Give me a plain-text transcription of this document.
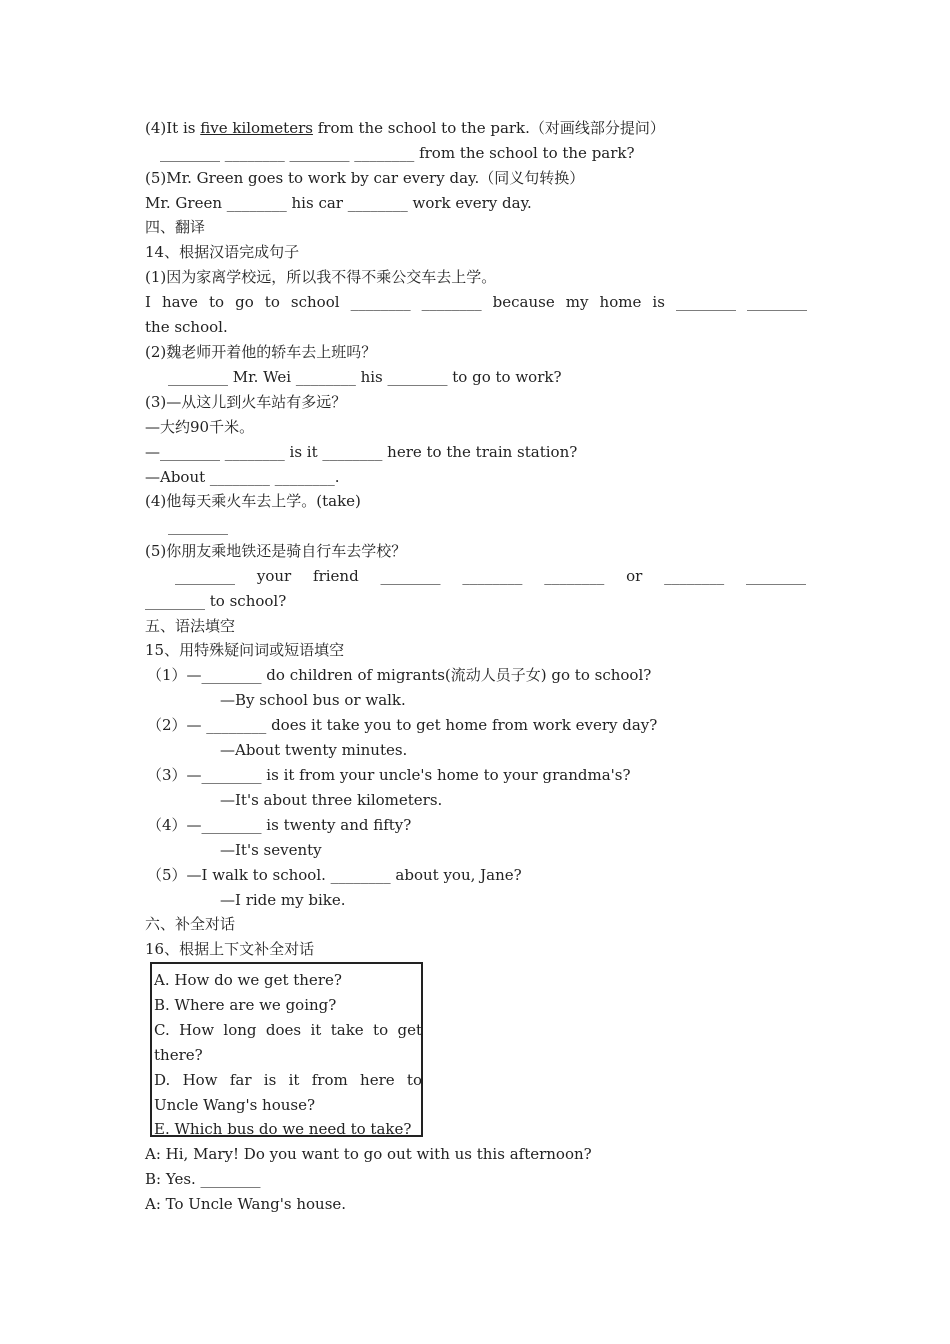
(4)It is five kilometers from the school to the park.（对画线部分提问）
________ ________ ________ ________ from the school to the park?
(5)Mr. Green goes to work by car every day.（同义句转换）
Mr. Green ________ his car ________ work every day.
四、翻译
14、根据汉语完成句子
(1)因为家离学校远，所以我不得不乘公交车去上学。
I have to go to school ________ ________ because my home is ________ ________
the school.
(2)魏老师开着他的轿车去上班吗？
________ Mr. Wei ________ his ________ to go to work?
(3)—从这儿到火车站有多远？
—大约90千米。
—________ ________ is it ________ here to the train station?
—About ________ ________.
(4)他每天乘火车去上学。(take)
________
(5)你朋友乘地铁还是骑自行车去学校？
________ your friend ________ ________ ________ or ________ ________
________ to school?
五、语法填空
15、用特殊疑问词或短语填空
（1）—________ do children of migrants(流动人员子女) go to school?
—By school bus or walk.
（2）— ________ does it take you to get home from work every day?
—About twenty minutes.
（3）—________ is it from your uncle's home to your grandma's?
—It's about three kilometers.
（4）—________ is twenty and fifty?
—It's seventy
（5）—I walk to school. ________ about you, Jane?
—I ride my bike.
六、补全对话
16、根据上下文补全对话
A. How do we get there?
B. Where are we going?
C. How long does it take to get
there?
D. How far is it from here to
Uncle Wang's house?
E. Which bus do we need to take?
A: Hi, Mary! Do you want to go out with us this afternoon?
B: Yes. ________
A: To Uncle Wang's house.
